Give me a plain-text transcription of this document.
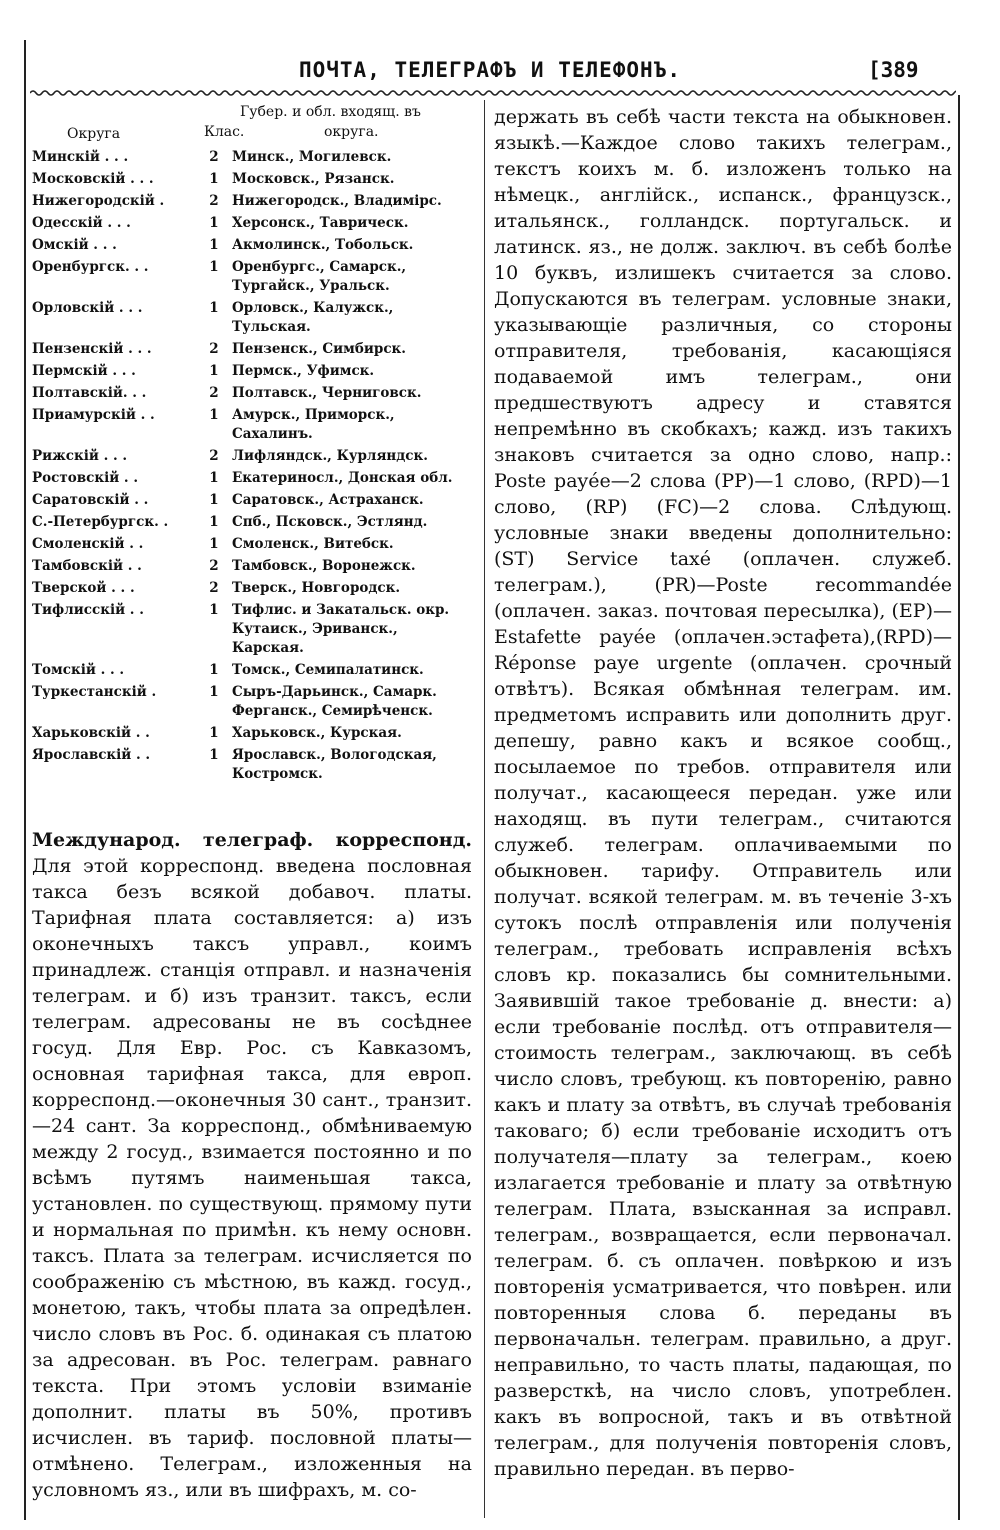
ПОЧТА, ТЕЛЕГРАФЪ И ТЕЛЕФОНЪ.	[389
Губер. и обл. входящ. въ
Округа	Клас.	округа.
Минскій . . .	2 Минск., Могилевск.
Московскій . . .	1 Московск., Рязанск.
Нижегородскій .	2 Нижегородск., Владимірс.
Одесскій . . .	1 Херсонск., Таврическ.
Омскій . . .	1 Акмолинск., Тобольск.
Оренбургск. . .	1 Оренбургс., Самарск., Тургайск., Уральск.
Орловскій . . .	1 Орловск., Калужск., Тульская.
Пензенскій . . .	2 Пензенск., Симбирск.
Пермскій . . .	1 Пермск., Уфимск.
Полтавскій. . .	2 Полтавск., Черниговск.
Приамурскій . .	1 Амурск., Приморск., Сахалинъ.
Рижскій . . .	2 Лифляндск., Курляндск.
Ростовскій . .	1 Екатериносл., Донская обл.
Саратовскій . .	1 Саратовск., Астраханск.
С.-Петербургск. .	1 Спб., Псковск., Эстлянд.
Смоленскій . .	1 Смоленск., Витебск.
Тамбовскій . .	2 Тамбовск., Воронежск.
Тверской . . .	2 Тверск., Новгородск.
Тифлисскій . .	1 Тифлис. и Закатальск. окр. Кутаиск., Эриванск., Карская.
Томскій . . .	1 Томск., Семипалатинск.
Туркестанскій .	1 Сыръ-Дарьинск., Самарк. Ферганск., Семирѣченск.
Харьковскій . .	1 Харьковск., Курская.
Ярославскій . .	1 Ярославск., Вологодская, Костромск.

Международ. телеграф. корреспонд. Для этой корреспонд. введена пословная такса безъ всякой добавоч. платы. Тарифная плата составляется: а) изъ оконечныхъ таксъ управл., коимъ принадлеж. станція отправл. и назначенія телеграм. и б) изъ транзит. таксъ, если телеграм. адресованы не въ сосѣднее госуд. Для Евр. Рос. съ Кавказомъ, основная тарифная такса, для европ. корреспонд.—оконечныя 30 сант., транзит.—24 сант. За корреспонд., обмѣниваемую между 2 госуд., взимается постоянно и по всѣмъ путямъ наименьшая такса, установлен. по существующ. прямому пути и нормальная по примѣн. къ нему основн. таксъ. Плата за телеграм. исчисляется по соображенію съ мѣстною, въ кажд. госуд., монетою, такъ, чтобы плата за опредѣлен. число словъ въ Рос. б. одинакая съ платою за адресован. въ Рос. телеграм. равнаго текста. При этомъ условіи взиманіе дополнит. платы въ 50%, противъ исчислен. въ тариф. пословной платы—отмѣнено. Телеграм., изложенныя на условномъ яз., или въ шифрахъ, м. со-

держать въ себѣ части текста на обыкновен. языкѣ.—Каждое слово такихъ телеграм., текстъ коихъ м. б. изложенъ только на нѣмецк., англійск., испанск., французск., итальянск., голландск. португальск. и латинск. яз., не долж. заключ. въ себѣ болѣе 10 буквъ, излишекъ считается за слово. Допускаются въ телеграм. условные знаки, указывающіе различныя, со стороны отправителя, требованія, касающіяся подаваемой имъ телеграм., они предшествуютъ адресу и ставятся непремѣнно въ скобкахъ; кажд. изъ такихъ знаковъ считается за одно слово, напр.: Poste payée—2 слова (PP)—1 слово, (RPD)—1 слово, (RP) (FC)—2 слова. Слѣдующ. условные знаки введены дополнительно: (ST) Service taxé (оплачен. служеб. телеграм.), (PR)—Poste recommandée (оплачен. заказ. почтовая пересылка), (EP)—Estafette payée (оплачен.эстафета),(RPD)—Réponse paye urgente (оплачен. срочный отвѣтъ). Всякая обмѣнная телеграм. им. предметомъ исправить или дополнить друг. депешу, равно какъ и всякое сообщ., посылаемое по требов. отправителя или получат., касающееся передан. уже или находящ. въ пути телеграм., считаются служеб. телеграм. оплачиваемыми по обыкновен. тарифу. Отправитель или получат. всякой телеграм. м. въ теченіе 3-хъ сутокъ послѣ отправленія или полученія телеграм., требовать исправленія всѣхъ словъ кр. показались бы сомнительными. Заявившій такое требованіе д. внести: а) если требованіе послѣд. отъ отправителя—стоимость телеграм., заключающ. въ себѣ число словъ, требующ. къ повторенію, равно какъ и плату за отвѣтъ, въ случаѣ требованія таковаго; б) если требованіе исходитъ отъ получателя—плату за телеграм., коею излагается требованіе и плату за отвѣтную телеграм. Плата, взысканная за исправл. телеграм., возвращается, если первоначал. телеграм. б. съ оплачен. повѣркою и изъ повторенія усматривается, что повѣрен. или повторенныя слова б. переданы въ первоначальн. телеграм. правильно, а друг. неправильно, то часть платы, падающая, по разверсткѣ, на число словъ, употреблен. какъ въ вопросной, такъ и въ отвѣтной телеграм., для полученія повторенія словъ, правильно передан. въ перво-
